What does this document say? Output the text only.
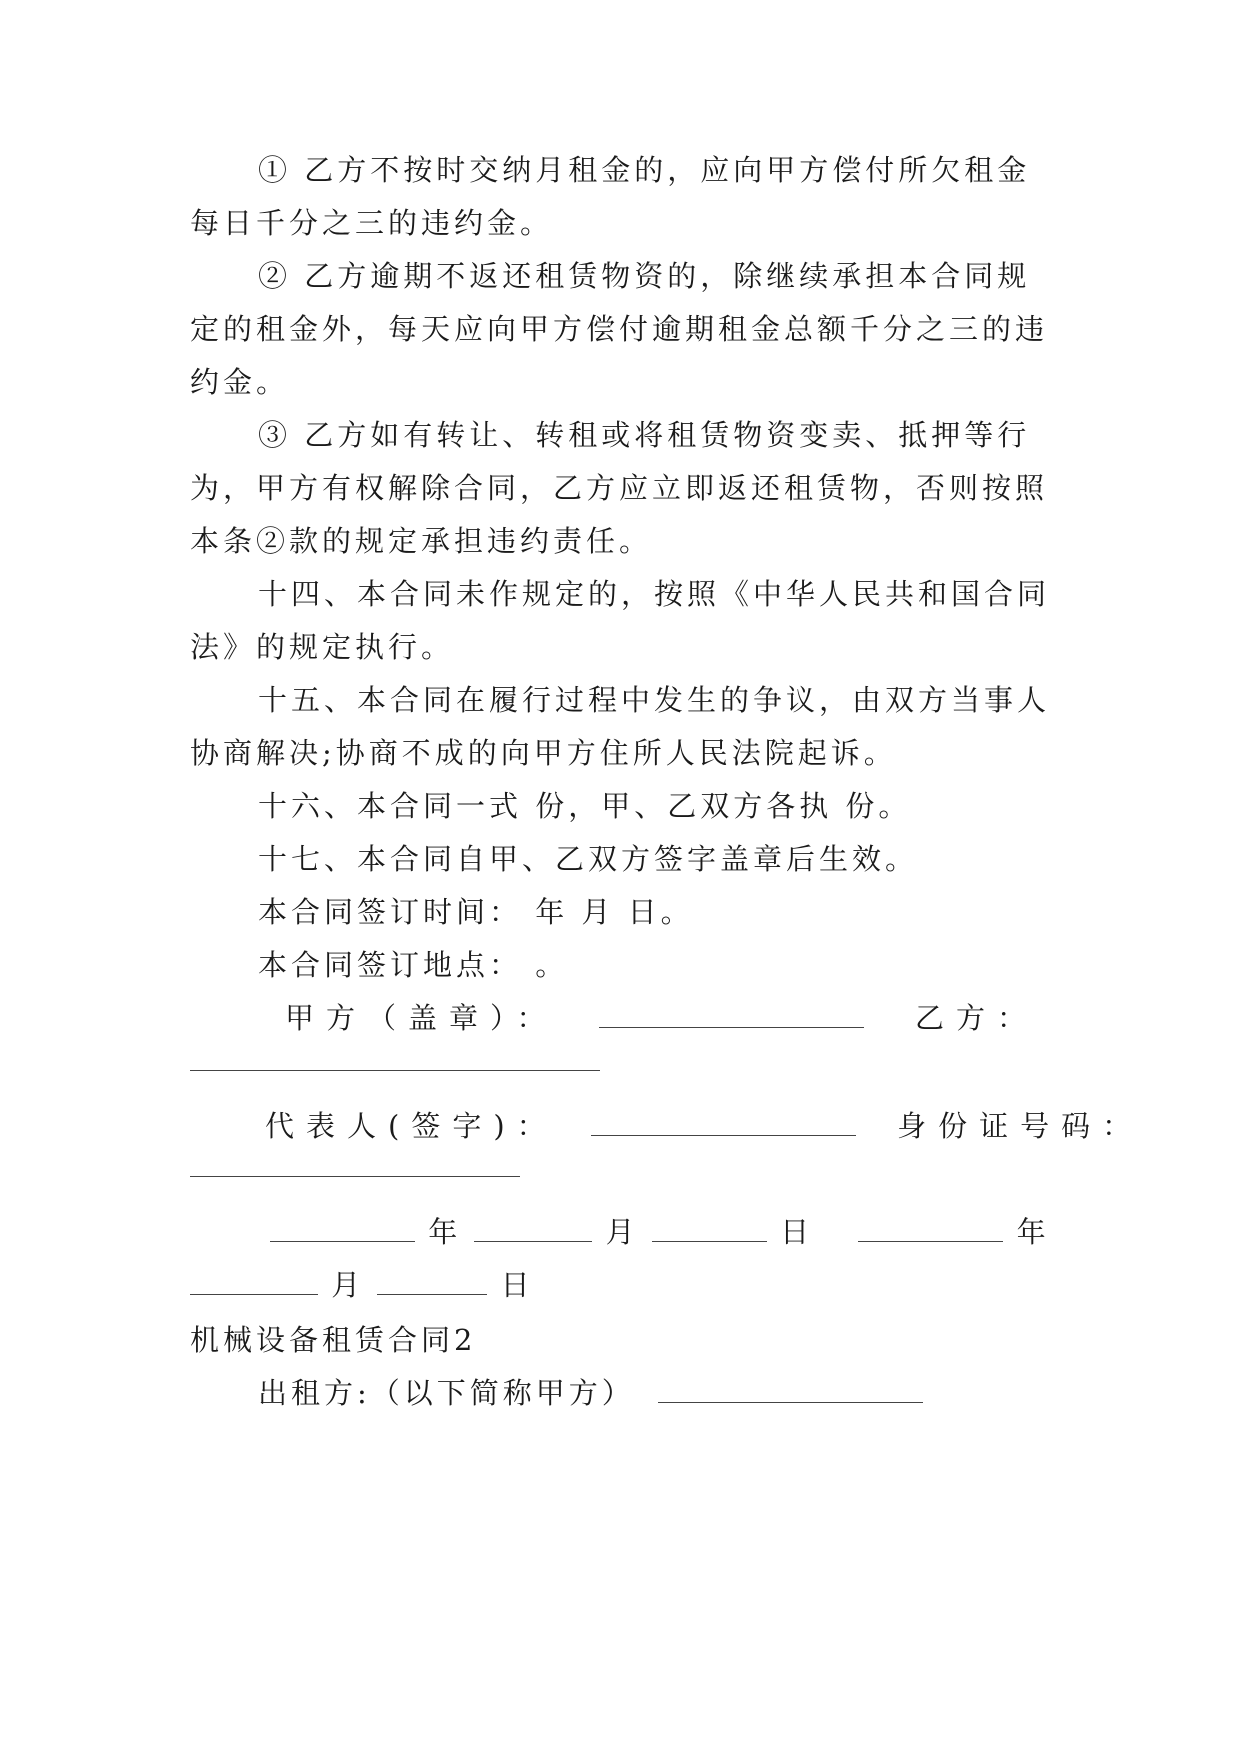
① 乙方不按时交纳月租金的，应向甲方偿付所欠租金
每日千分之三的违约金。
② 乙方逾期不返还租赁物资的，除继续承担本合同规
定的租金外，每天应向甲方偿付逾期租金总额千分之三的违
约金。
③ 乙方如有转让、转租或将租赁物资变卖、抵押等行
为，甲方有权解除合同，乙方应立即返还租赁物，否则按照
本条②款的规定承担违约责任。
十四、本合同未作规定的，按照《中华人民共和国合同
法》的规定执行。
十五、本合同在履行过程中发生的争议，由双方当事人
协商解决;协商不成的向甲方住所人民法院起诉。
十六、本合同一式 份，甲、乙双方各执 份。
十七、本合同自甲、乙双方签字盖章后生效。
本合同签订时间： 年 月 日。
本合同签订地点： 。
甲方（盖章）：	乙方：
代表人(签字)：	身份证号码：
年	月	日	年
月	日
机械设备租赁合同2
出租方:（以下简称甲方）
